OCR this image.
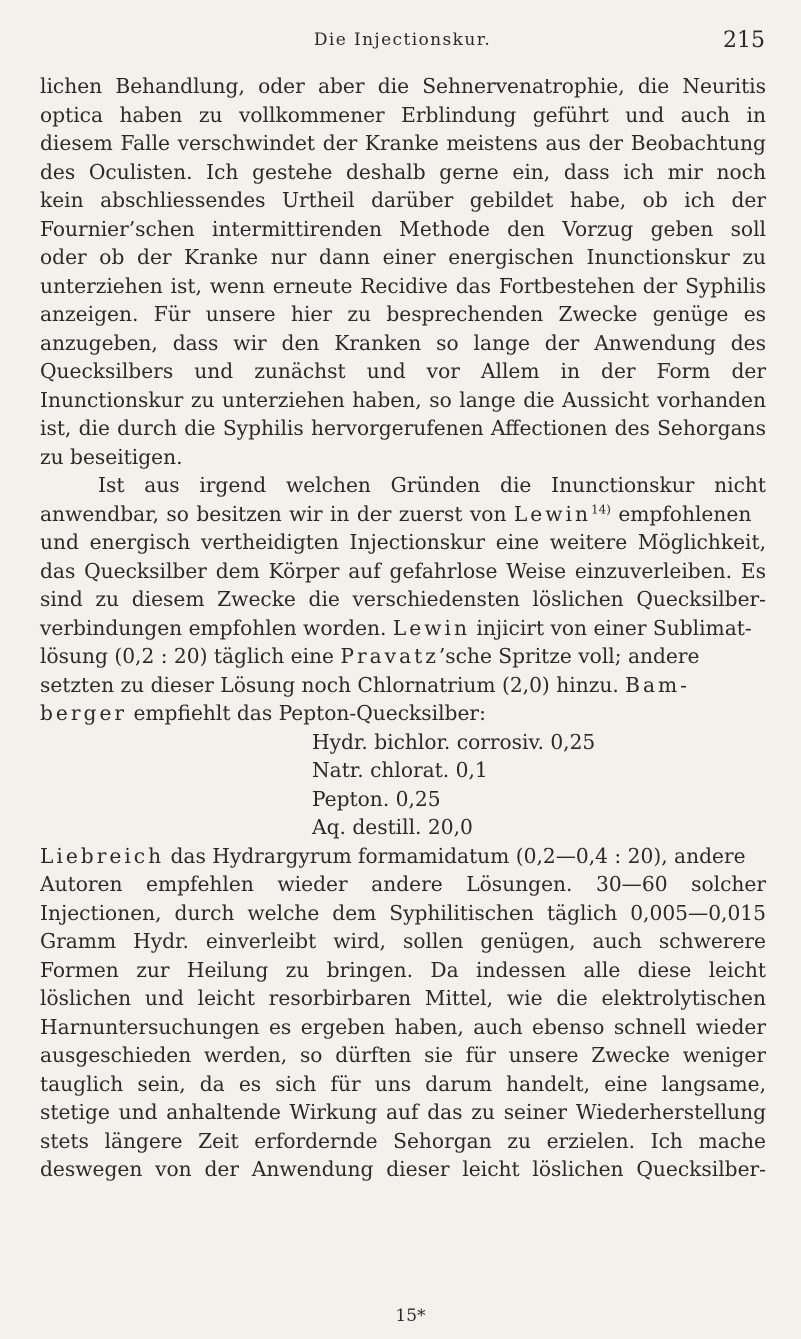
Die Injectionskur.	215
lichen Behandlung, oder aber die Sehnervenatrophie, die Neuritis
optica haben zu vollkommener Erblindung geführt und auch in
diesem Falle verschwindet der Kranke meistens aus der Beobachtung
des Oculisten. Ich gestehe deshalb gerne ein, dass ich mir noch
kein abschliessendes Urtheil darüber gebildet habe, ob ich der
Fournier’schen intermittirenden Methode den Vorzug geben soll
oder ob der Kranke nur dann einer energischen Inunctionskur zu
unterziehen ist, wenn erneute Recidive das Fortbestehen der Syphilis
anzeigen. Für unsere hier zu besprechenden Zwecke genüge es
anzugeben, dass wir den Kranken so lange der Anwendung des
Quecksilbers und zunächst und vor Allem in der Form der
Inunctionskur zu unterziehen haben, so lange die Aussicht vorhanden
ist, die durch die Syphilis hervorgerufenen Affectionen des Sehorgans
zu beseitigen.
Ist aus irgend welchen Gründen die Inunctionskur nicht
anwendbar, so besitzen wir in der zuerst von Lewin$^{14)}$ empfohlenen
und energisch vertheidigten Injectionskur eine weitere Möglichkeit,
das Quecksilber dem Körper auf gefahrlose Weise einzuverleiben. Es
sind zu diesem Zwecke die verschiedensten löslichen Quecksilber-
verbindungen empfohlen worden. Lewin injicirt von einer Sublimat-
lösung (0,2 : 20) täglich eine Pravatz’sche Spritze voll; andere
setzten zu dieser Lösung noch Chlornatrium (2,0) hinzu. Bam-
berger empfiehlt das Pepton-Quecksilber:
Hydr. bichlor. corrosiv. 0,25
Natr. chlorat. 0,1
Pepton. 0,25
Aq. destill. 20,0
Liebreich das Hydrargyrum formamidatum (0,2—0,4 : 20), andere
Autoren empfehlen wieder andere Lösungen. 30—60 solcher
Injectionen, durch welche dem Syphilitischen täglich 0,005—0,015
Gramm Hydr. einverleibt wird, sollen genügen, auch schwerere
Formen zur Heilung zu bringen. Da indessen alle diese leicht
löslichen und leicht resorbirbaren Mittel, wie die elektrolytischen
Harnuntersuchungen es ergeben haben, auch ebenso schnell wieder
ausgeschieden werden, so dürften sie für unsere Zwecke weniger
tauglich sein, da es sich für uns darum handelt, eine langsame,
stetige und anhaltende Wirkung auf das zu seiner Wiederherstellung
stets längere Zeit erfordernde Sehorgan zu erzielen. Ich mache
deswegen von der Anwendung dieser leicht löslichen Quecksilber-
15*
